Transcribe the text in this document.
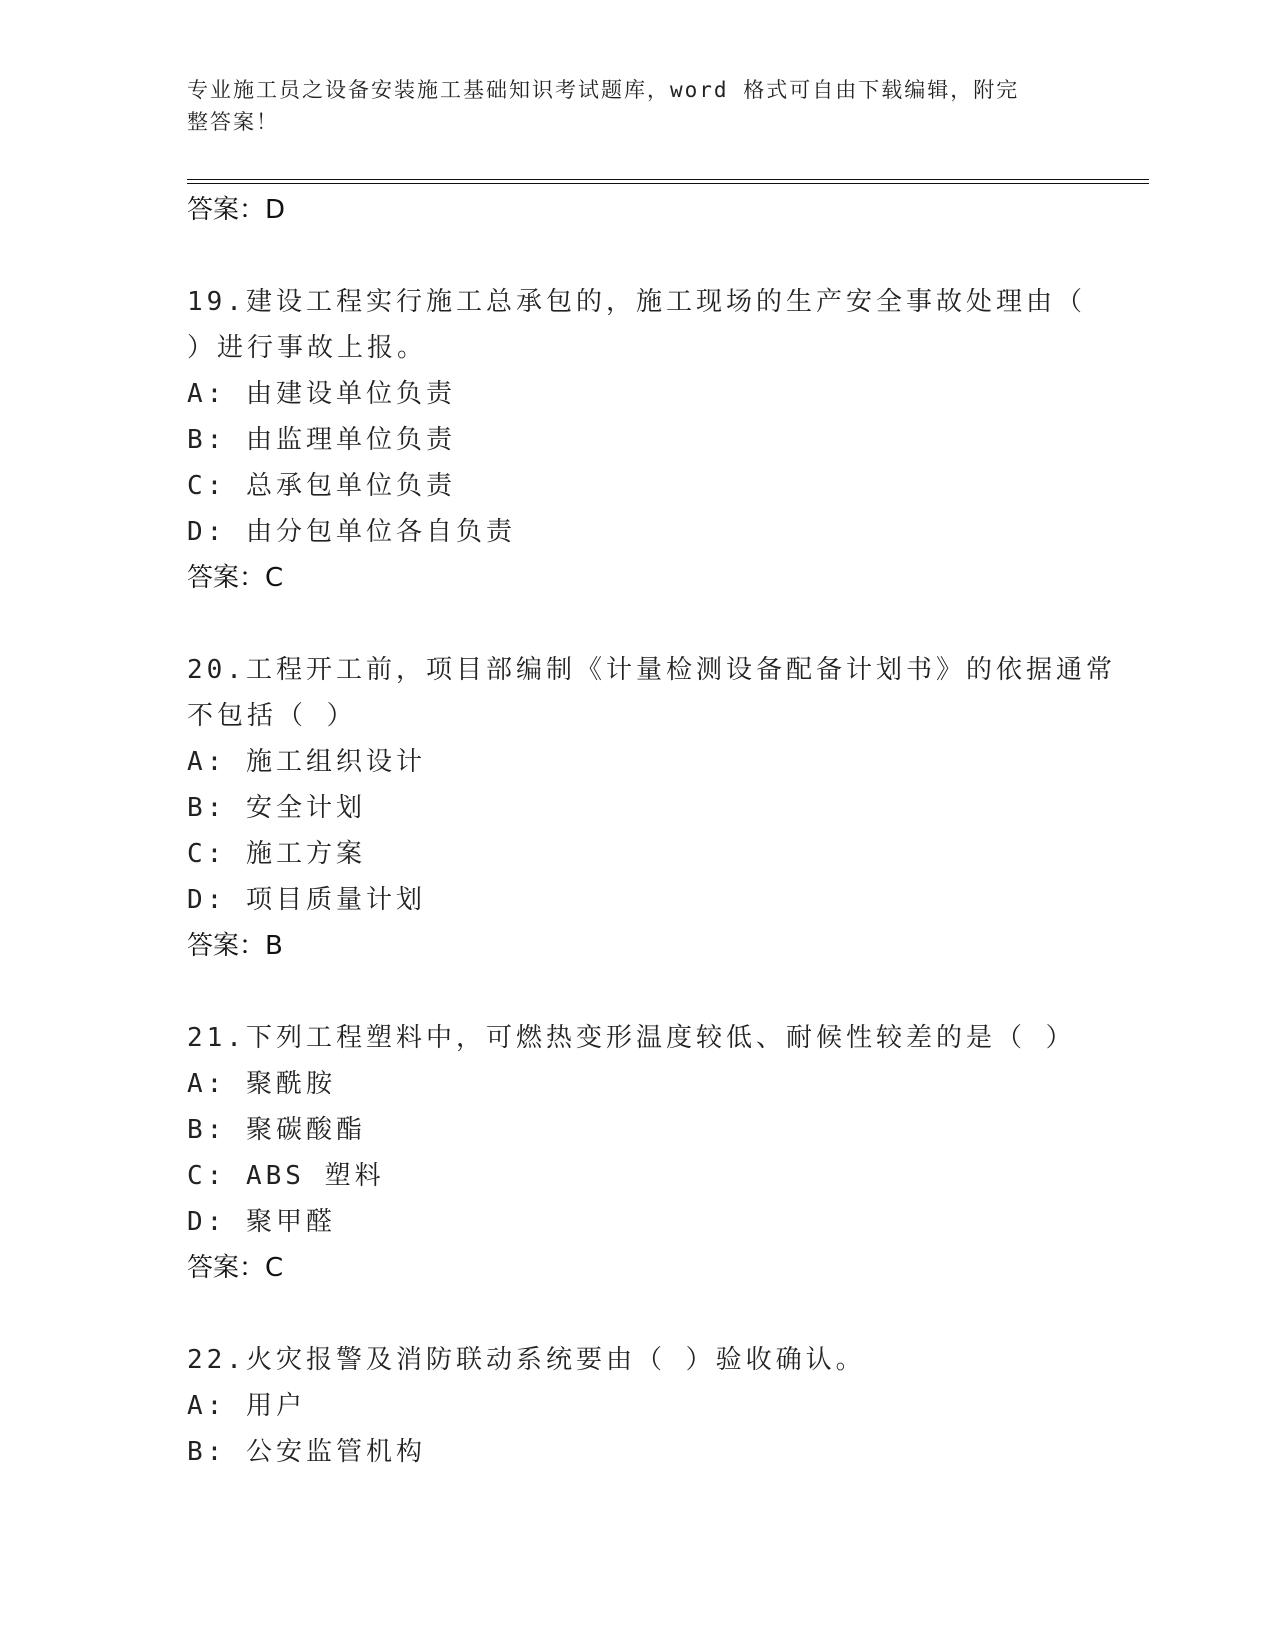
专业施工员之设备安装施工基础知识考试题库，word 格式可自由下载编辑，附完
整答案！
答案：D
19.建设工程实行施工总承包的，施工现场的生产安全事故处理由（
）进行事故上报。
A: 由建设单位负责
B: 由监理单位负责
C: 总承包单位负责
D: 由分包单位各自负责
答案：C
20.工程开工前，项目部编制《计量检测设备配备计划书》的依据通常
不包括（ ）
A: 施工组织设计
B: 安全计划
C: 施工方案
D: 项目质量计划
答案：B
21.下列工程塑料中，可燃热变形温度较低、耐候性较差的是（ ）
A: 聚酰胺
B: 聚碳酸酯
C: ABS 塑料
D: 聚甲醛
答案：C
22.火灾报警及消防联动系统要由（ ）验收确认。
A: 用户
B: 公安监管机构
